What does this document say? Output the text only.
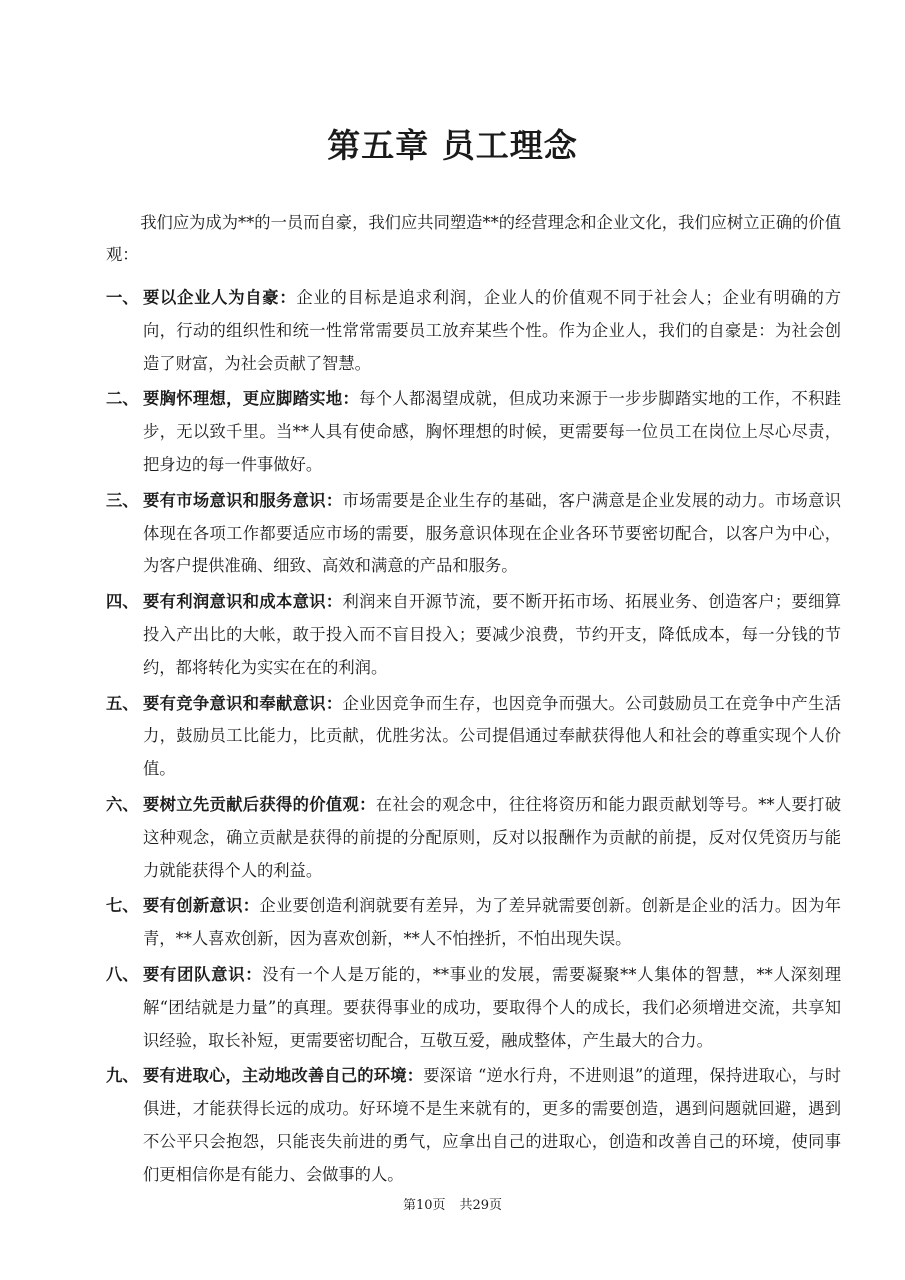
第五章 员工理念

我们应为成为**的一员而自豪，我们应共同塑造**的经营理念和企业文化，我们应树立正确的价值观：

一、 要以企业人为自豪：企业的目标是追求利润，企业人的价值观不同于社会人；企业有明确的方向，行动的组织性和统一性常常需要员工放弃某些个性。作为企业人，我们的自豪是：为社会创造了财富，为社会贡献了智慧。
二、 要胸怀理想，更应脚踏实地：每个人都渴望成就，但成功来源于一步步脚踏实地的工作，不积跬步，无以致千里。当**人具有使命感，胸怀理想的时候，更需要每一位员工在岗位上尽心尽责，把身边的每一件事做好。
三、 要有市场意识和服务意识：市场需要是企业生存的基础，客户满意是企业发展的动力。市场意识体现在各项工作都要适应市场的需要，服务意识体现在企业各环节要密切配合，以客户为中心，为客户提供准确、细致、高效和满意的产品和服务。
四、 要有利润意识和成本意识：利润来自开源节流，要不断开拓市场、拓展业务、创造客户；要细算投入产出比的大帐，敢于投入而不盲目投入；要减少浪费，节约开支，降低成本，每一分钱的节约，都将转化为实实在在的利润。
五、 要有竞争意识和奉献意识：企业因竞争而生存，也因竞争而强大。公司鼓励员工在竞争中产生活力，鼓励员工比能力，比贡献，优胜劣汰。公司提倡通过奉献获得他人和社会的尊重实现个人价值。
六、 要树立先贡献后获得的价值观：在社会的观念中，往往将资历和能力跟贡献划等号。**人要打破这种观念，确立贡献是获得的前提的分配原则，反对以报酬作为贡献的前提，反对仅凭资历与能力就能获得个人的利益。
七、 要有创新意识：企业要创造利润就要有差异，为了差异就需要创新。创新是企业的活力。因为年青，**人喜欢创新，因为喜欢创新，**人不怕挫折，不怕出现失误。
八、 要有团队意识：没有一个人是万能的，**事业的发展，需要凝聚**人集体的智慧，**人深刻理解“团结就是力量”的真理。要获得事业的成功，要取得个人的成长，我们必须增进交流，共享知识经验，取长补短，更需要密切配合，互敬互爱，融成整体，产生最大的合力。
九、 要有进取心，主动地改善自己的环境：要深谙 “逆水行舟，不进则退”的道理，保持进取心，与时俱进，才能获得长远的成功。好环境不是生来就有的，更多的需要创造，遇到问题就回避，遇到不公平只会抱怨，只能丧失前进的勇气，应拿出自己的进取心，创造和改善自己的环境，使同事们更相信你是有能力、会做事的人。
第10页 共29页
